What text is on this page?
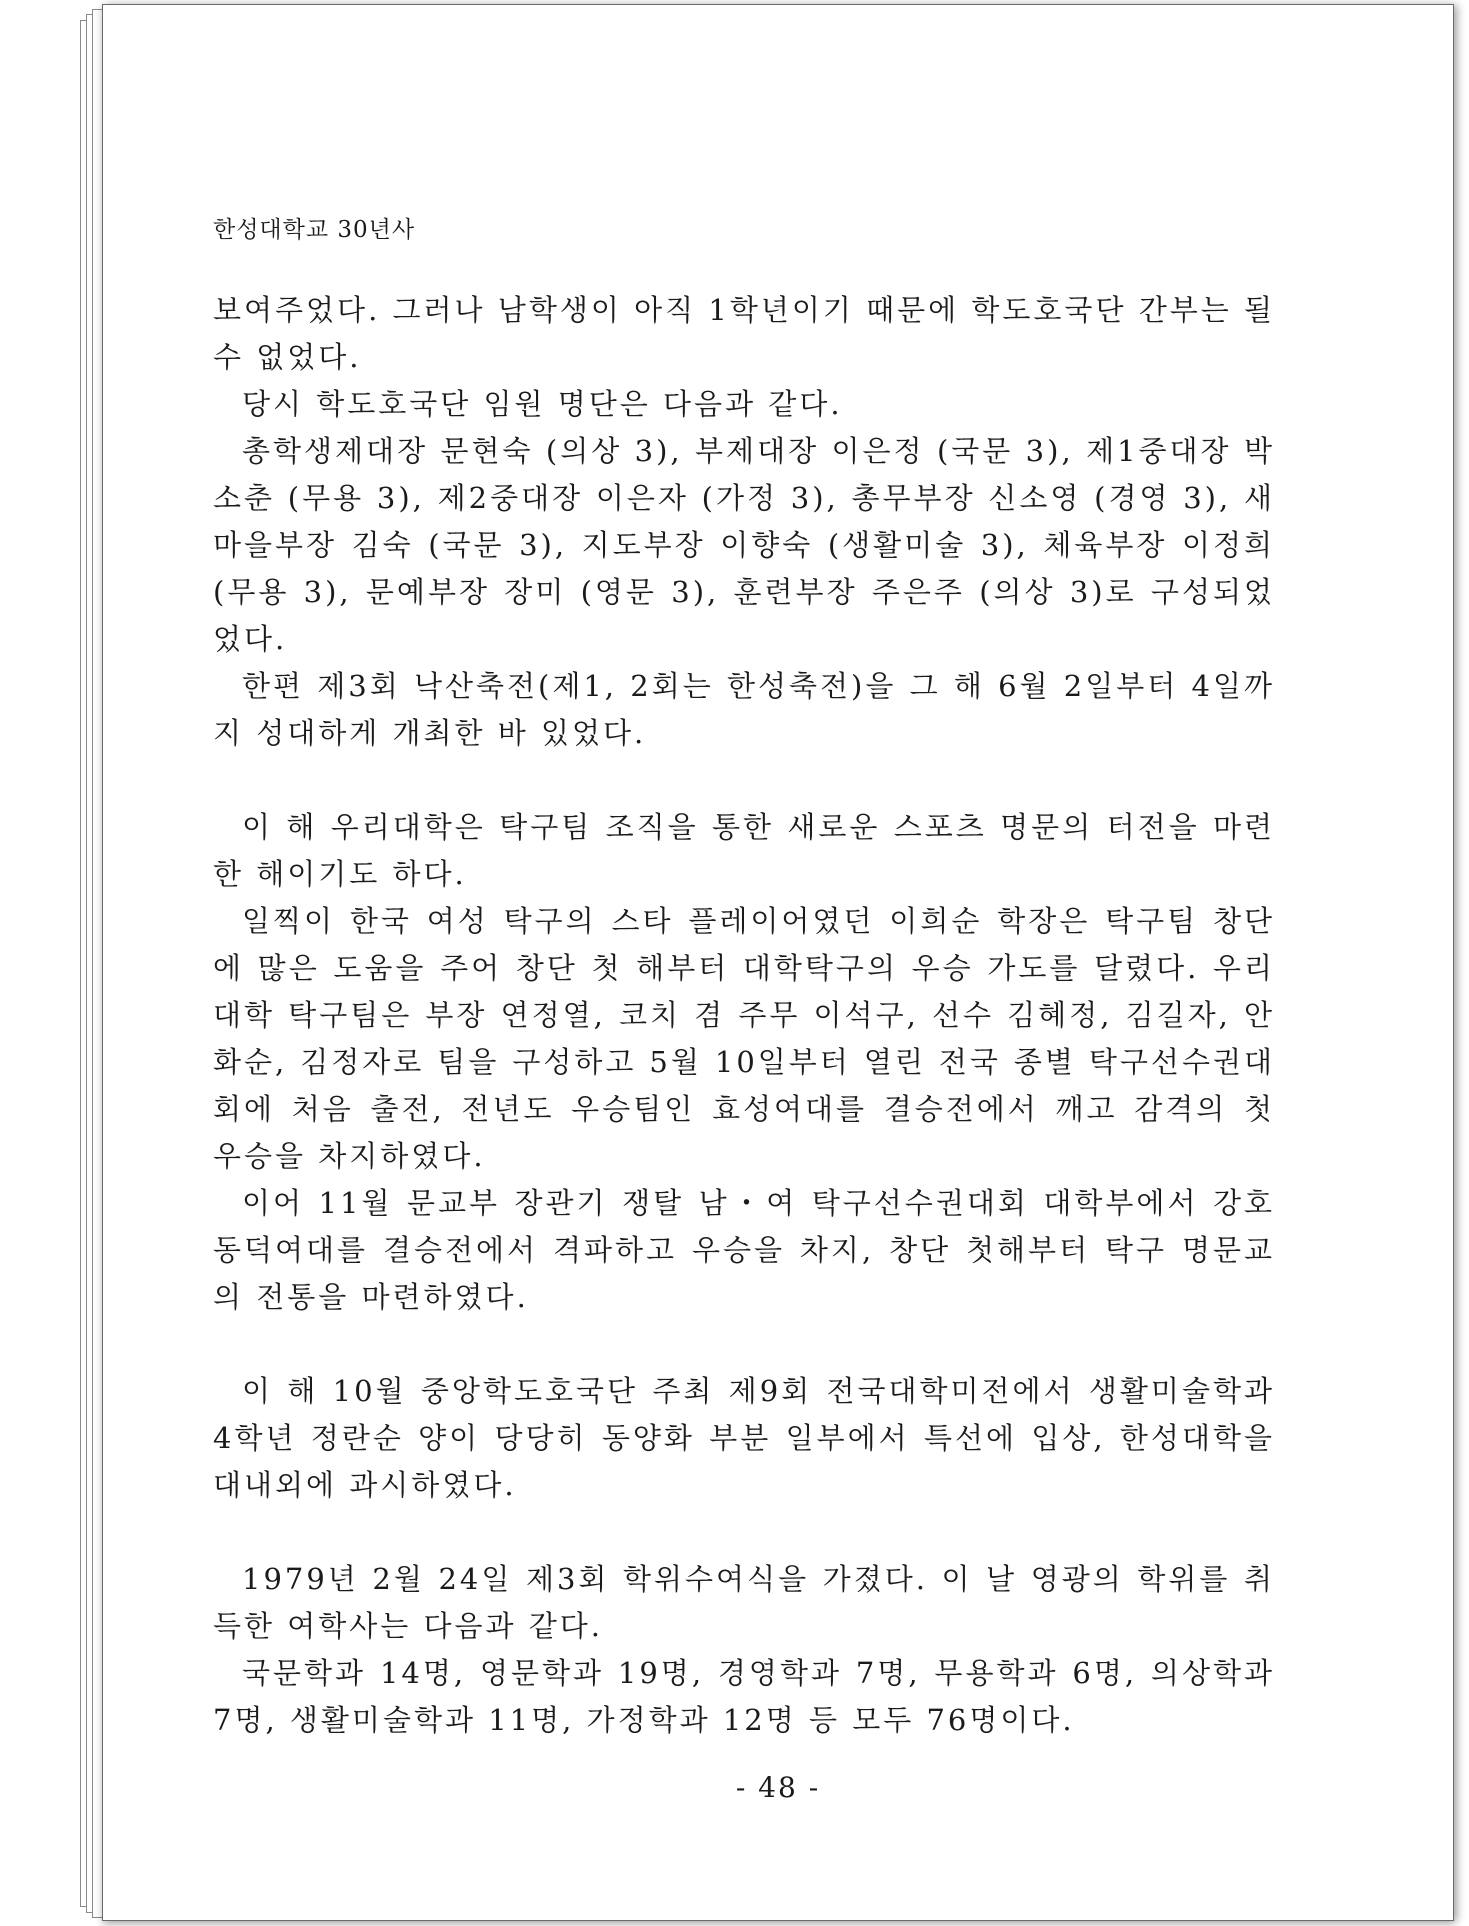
한성대학교 30년사

보여주었다. 그러나 남학생이 아직 1학년이기 때문에 학도호국단 간부는 될 수 없었다.

당시 학도호국단 임원 명단은 다음과 같다.

총학생제대장 문현숙 (의상 3), 부제대장 이은정 (국문 3), 제1중대장 박소춘 (무용 3), 제2중대장 이은자 (가정 3), 총무부장 신소영 (경영 3), 새마을부장 김숙 (국문 3), 지도부장 이향숙 (생활미술 3), 체육부장 이정희 (무용 3), 문예부장 장미 (영문 3), 훈련부장 주은주 (의상 3)로 구성되었었다.

한편 제3회 낙산축전(제1, 2회는 한성축전)을 그 해 6월 2일부터 4일까지 성대하게 개최한 바 있었다.

이 해 우리대학은 탁구팀 조직을 통한 새로운 스포츠 명문의 터전을 마련한 해이기도 하다.

일찍이 한국 여성 탁구의 스타 플레이어였던 이희순 학장은 탁구팀 창단에 많은 도움을 주어 창단 첫 해부터 대학탁구의 우승 가도를 달렸다. 우리대학 탁구팀은 부장 연정열, 코치 겸 주무 이석구, 선수 김혜정, 김길자, 안화순, 김정자로 팀을 구성하고 5월 10일부터 열린 전국 종별 탁구선수권대회에 처음 출전, 전년도 우승팀인 효성여대를 결승전에서 깨고 감격의 첫 우승을 차지하였다.

이어 11월 문교부 장관기 쟁탈 남・여 탁구선수권대회 대학부에서 강호 동덕여대를 결승전에서 격파하고 우승을 차지, 창단 첫해부터 탁구 명문교의 전통을 마련하였다.

이 해 10월 중앙학도호국단 주최 제9회 전국대학미전에서 생활미술학과 4학년 정란순 양이 당당히 동양화 부분 일부에서 특선에 입상, 한성대학을 대내외에 과시하였다.

1979년 2월 24일 제3회 학위수여식을 가졌다. 이 날 영광의 학위를 취득한 여학사는 다음과 같다.

국문학과 14명, 영문학과 19명, 경영학과 7명, 무용학과 6명, 의상학과 7명, 생활미술학과 11명, 가정학과 12명 등 모두 76명이다.

- 48 -
